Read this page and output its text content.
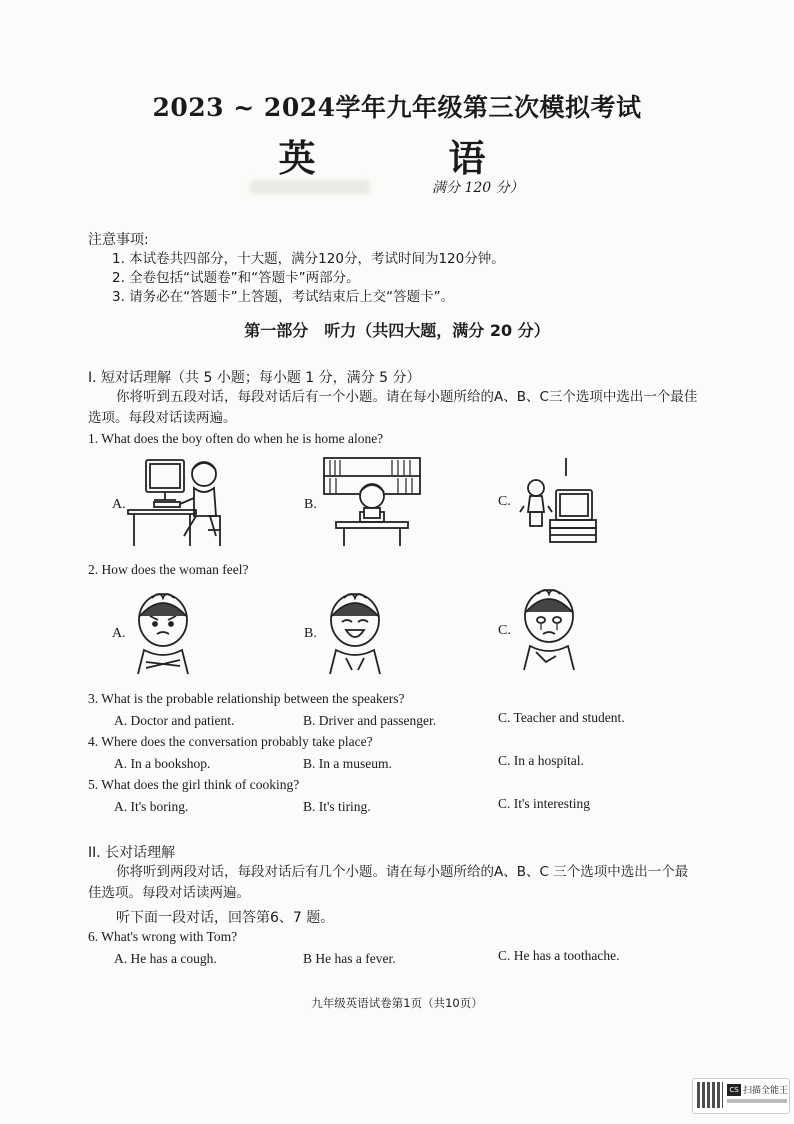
2023 ~ 2024学年九年级第三次模拟考试
英 语
满分 120 分）
注意事项:
1. 本试卷共四部分，十大题，满分120分，考试时间为120分钟。
2. 全卷包括“试题卷”和“答题卡”两部分。
3. 请务必在“答题卡”上答题，考试结束后上交“答题卡”。
第一部分　听力（共四大题，满分 20 分）
Ⅰ. 短对话理解（共 5 小题；每小题 1 分，满分 5 分）
你将听到五段对话，每段对话后有一个小题。请在每小题所给的A、B、C三个选项中选出一个最佳选项。每段对话读两遍。
1. What does the boy often do when he is home alone?
A.	B.	C.
2. How does the woman feel?
A.	B.	C.
3. What is the probable relationship between the speakers?
A. Doctor and patient.	B. Driver and passenger.	C. Teacher and student.
4. Where does the conversation probably take place?
A. In a bookshop.	B. In a museum.	C. In a hospital.
5. What does the girl think of cooking?
A. It's boring.	B. It's tiring.	C. It's interesting
II. 长对话理解
你将听到两段对话，每段对话后有几个小题。请在每小题所给的A、B、C 三个选项中选出一个最佳选项。每段对话读两遍。
听下面一段对话，回答第6、7 题。
6. What's wrong with Tom?
A. He has a cough.	B He has a fever.	C. He has a toothache.
九年级英语试卷第1页（共10页）
CS 扫描全能王
